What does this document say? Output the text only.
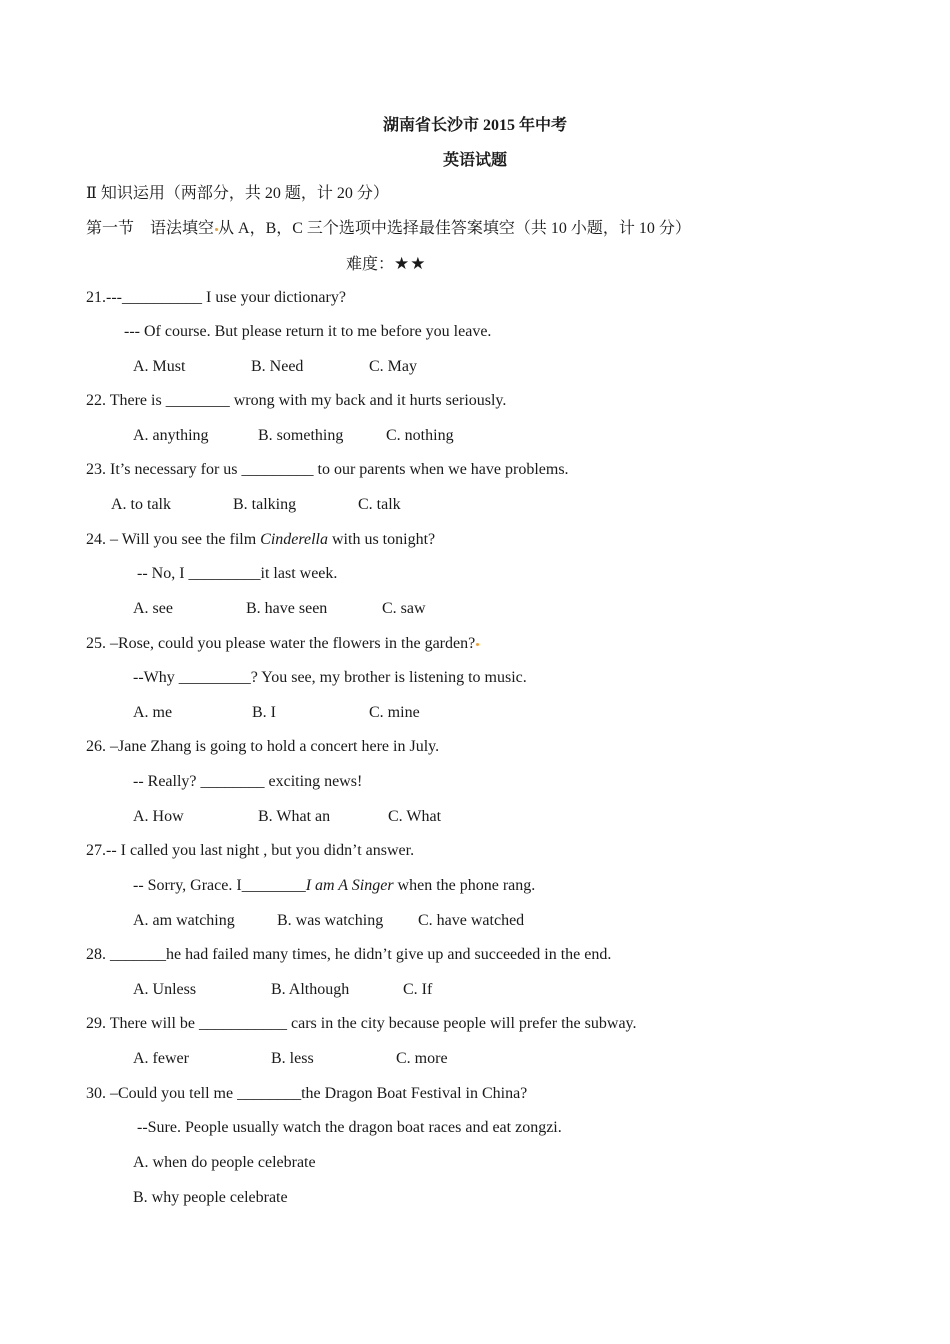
湖南省长沙市 2015 年中考
英语试题
Ⅱ 知识运用（两部分，共 20 题，计 20 分）
第一节 语法填空 从 A，B，C 三个选项中选择最佳答案填空（共 10 小题，计 10 分）
难度：★★
21.---__________ I use your dictionary?
--- Of course. But please return it to me before you leave.
A. Must	B. Need	C. May
22. There is ________ wrong with my back and it hurts seriously.
A. anything	B. something	C. nothing
23. It’s necessary for us _________ to our parents when we have problems.
A. to talk	B. talking	C. talk
24. – Will you see the film Cinderella with us tonight?
-- No, I _________it last week.
A. see	B. have seen	C. saw
25. –Rose, could you please water the flowers in the garden?
--Why _________? You see, my brother is listening to music.
A. me	B. I	C. mine
26. –Jane Zhang is going to hold a concert here in July.
-- Really? ________ exciting news!
A. How	B. What an	C. What
27.-- I called you last night , but you didn’t answer.
-- Sorry, Grace. I________I am A Singer when the phone rang.
A. am watching	B. was watching C. have watched
28. _______he had failed many times, he didn’t give up and succeeded in the end.
A. Unless	B. Although	C. If
29. There will be ___________ cars in the city because people will prefer the subway.
A. fewer	B. less	C. more
30. –Could you tell me ________the Dragon Boat Festival in China?
--Sure. People usually watch the dragon boat races and eat zongzi.
A. when do people celebrate
B. why people celebrate
